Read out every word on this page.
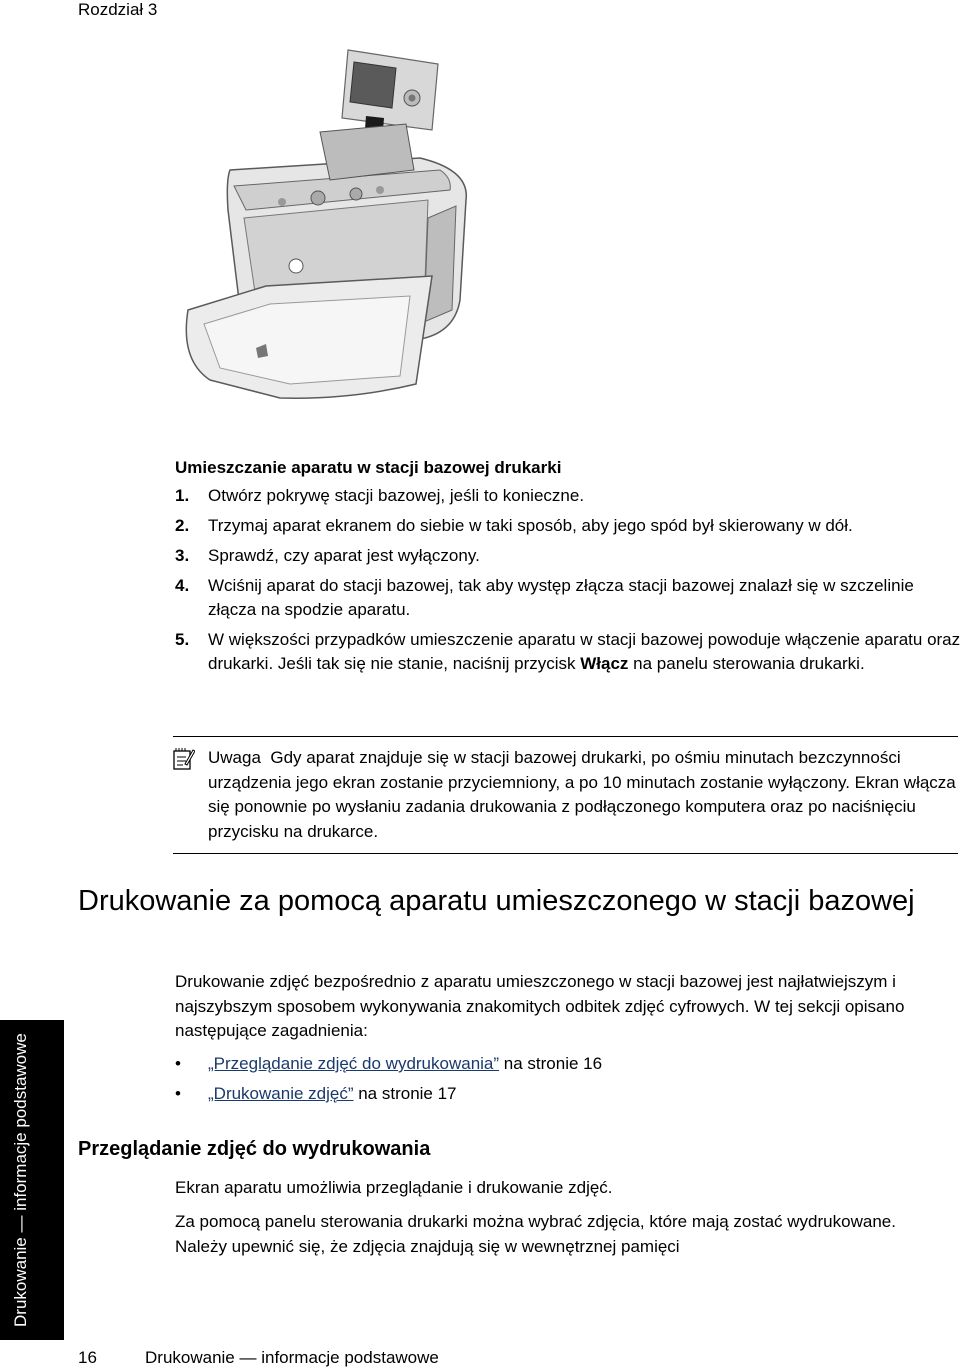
Rozdział 3
Umieszczanie aparatu w stacji bazowej drukarki
1. Otwórz pokrywę stacji bazowej, jeśli to konieczne.
2. Trzymaj aparat ekranem do siebie w taki sposób, aby jego spód był skierowany w dół.
3. Sprawdź, czy aparat jest wyłączony.
4. Wciśnij aparat do stacji bazowej, tak aby występ złącza stacji bazowej znalazł się w szczelinie złącza na spodzie aparatu.
5. W większości przypadków umieszczenie aparatu w stacji bazowej powoduje włączenie aparatu oraz drukarki. Jeśli tak się nie stanie, naciśnij przycisk Włącz na panelu sterowania drukarki.
Uwaga Gdy aparat znajduje się w stacji bazowej drukarki, po ośmiu minutach bezczynności urządzenia jego ekran zostanie przyciemniony, a po 10 minutach zostanie wyłączony. Ekran włącza się ponownie po wysłaniu zadania drukowania z podłączonego komputera oraz po naciśnięciu przycisku na drukarce.
Drukowanie za pomocą aparatu umieszczonego w stacji bazowej
Drukowanie zdjęć bezpośrednio z aparatu umieszczonego w stacji bazowej jest najłatwiejszym i najszybszym sposobem wykonywania znakomitych odbitek zdjęć cyfrowych. W tej sekcji opisano następujące zagadnienia:
• „Przeglądanie zdjęć do wydrukowania” na stronie 16
• „Drukowanie zdjęć” na stronie 17
Przeglądanie zdjęć do wydrukowania
Ekran aparatu umożliwia przeglądanie i drukowanie zdjęć.
Za pomocą panelu sterowania drukarki można wybrać zdjęcia, które mają zostać wydrukowane. Należy upewnić się, że zdjęcia znajdują się w wewnętrznej pamięci
Drukowanie — informacje podstawowe
16	Drukowanie — informacje podstawowe
